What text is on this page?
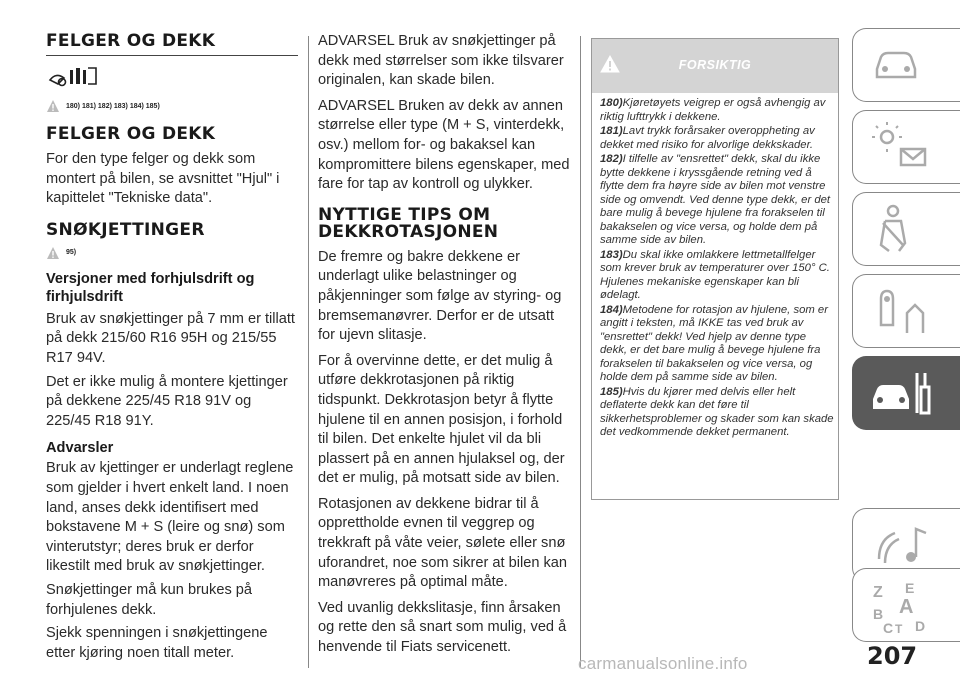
FELGER OG DEKK
180) 181) 182) 183) 184) 185)
FELGER OG DEKK

For den type felger og dekk som montert på bilen, se avsnittet "Hjul" i kapittelet "Tekniske data".

SNØKJETTINGER
95)
Versjoner med forhjulsdrift og firhjulsdrift

Bruk av snøkjettinger på 7 mm er tillatt på dekk 215/60 R16 95H og 215/55 R17 94V.

Det er ikke mulig å montere kjettinger på dekkene 225/45 R18 91V og 225/45 R18 91Y.

Advarsler

Bruk av kjettinger er underlagt reglene som gjelder i hvert enkelt land. I noen land, anses dekk identifisert med bokstavene M + S (leire og snø) som vinterutstyr; deres bruk er derfor likestilt med bruk av snøkjettinger.

Snøkjettinger må kun brukes på forhjulenes dekk.

Sjekk spenningen i snøkjettingene etter kjøring noen titall meter.

ADVARSEL Bruk av snøkjettinger på dekk med størrelser som ikke tilsvarer originalen, kan skade bilen.

ADVARSEL Bruken av dekk av annen størrelse eller type (M + S, vinterdekk, osv.) mellom for- og bakaksel kan kompromittere bilens egenskaper, med fare for tap av kontroll og ulykker.

NYTTIGE TIPS OM DEKKROTASJONEN

De fremre og bakre dekkene er underlagt ulike belastninger og påkjenninger som følge av styring- og bremsemanøvrer. Derfor er de utsatt for ujevn slitasje.

For å overvinne dette, er det mulig å utføre dekkrotasjonen på riktig tidspunkt. Dekkrotasjon betyr å flytte hjulene til en annen posisjon, i forhold til bilen. Det enkelte hjulet vil da bli plassert på en annen hjulaksel og, der det er mulig, på motsatt side av bilen.

Rotasjonen av dekkene bidrar til å opprettholde evnen til veggrep og trekkraft på våte veier, sølete eller snø uforandret, noe som sikrer at bilen kan manøvreres på optimal måte.

Ved uvanlig dekkslitasje, finn årsaken og rette den så snart som mulig, ved å henvende til Fiats servicenett.

FORSIKTIG

180)Kjøretøyets veigrep er også avhengig av riktig lufttrykk i dekkene.

181)Lavt trykk forårsaker overoppheting av dekket med risiko for alvorlige dekkskader.

182)I tilfelle av "ensrettet" dekk, skal du ikke bytte dekkene i kryssgående retning ved å flytte dem fra høyre side av bilen mot venstre side og omvendt. Ved denne type dekk, er det bare mulig å bevege hjulene fra forakselen til bakakselen og vice versa, og holde dem på samme side av bilen.

183)Du skal ikke omlakkere lettmetallfelger som krever bruk av temperaturer over 150° C. Hjulenes mekaniske egenskaper kan bli ødelagt.

184)Metodene for rotasjon av hjulene, som er angitt i teksten, må IKKE tas ved bruk av "ensrettet" dekk! Ved hjelp av denne type dekk, er det bare mulig å bevege hjulene fra forakselen til bakakselen og vice versa, og holde dem på samme side av bilen.

185)Hvis du kjører med delvis eller helt deflaterte dekk kan det føre til sikkerhetsproblemer og skader som kan skade det vedkommende dekket permanent.

Z E
A
B
C T D
207
carmanualsonline.info
